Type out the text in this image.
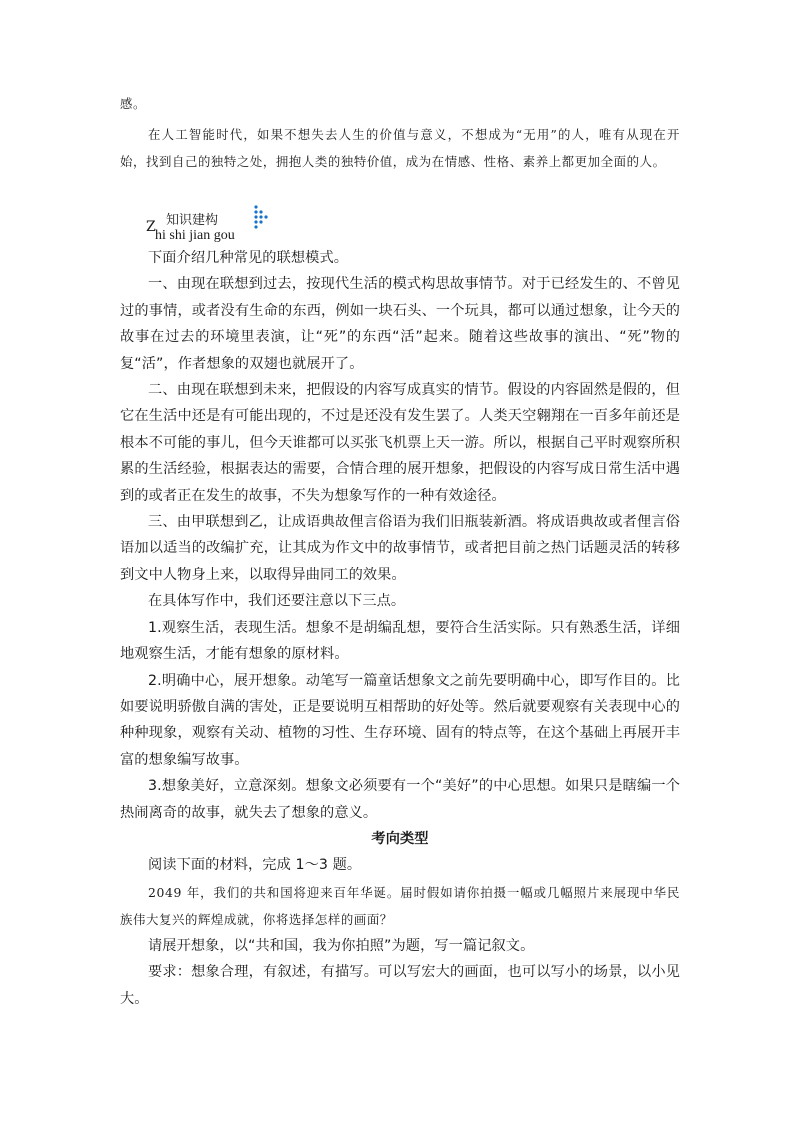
感。

在人工智能时代，如果不想失去人生的价值与意义，不想成为“无用”的人，唯有从现在开始，找到自己的独特之处，拥抱人类的独特价值，成为在情感、性格、素养上都更加全面的人。

Z 知识建构
hi shi jian gou

下面介绍几种常见的联想模式。

一、由现在联想到过去，按现代生活的模式构思故事情节。对于已经发生的、不曾见过的事情，或者没有生命的东西，例如一块石头、一个玩具，都可以通过想象，让今天的故事在过去的环境里表演，让“死”的东西“活”起来。随着这些故事的演出、“死”物的复“活”，作者想象的双翅也就展开了。

二、由现在联想到未来，把假设的内容写成真实的情节。假设的内容固然是假的，但它在生活中还是有可能出现的，不过是还没有发生罢了。人类天空翱翔在一百多年前还是根本不可能的事儿，但今天谁都可以买张飞机票上天一游。所以，根据自己平时观察所积累的生活经验，根据表达的需要，合情合理的展开想象，把假设的内容写成日常生活中遇到的或者正在发生的故事，不失为想象写作的一种有效途径。

三、由甲联想到乙，让成语典故俚言俗语为我们旧瓶装新酒。将成语典故或者俚言俗语加以适当的改编扩充，让其成为作文中的故事情节，或者把目前之热门话题灵活的转移到文中人物身上来，以取得异曲同工的效果。

在具体写作中，我们还要注意以下三点。

1.观察生活，表现生活。想象不是胡编乱想，要符合生活实际。只有熟悉生活，详细地观察生活，才能有想象的原材料。

2.明确中心，展开想象。动笔写一篇童话想象文之前先要明确中心，即写作目的。比如要说明骄傲自满的害处，正是要说明互相帮助的好处等。然后就要观察有关表现中心的种种现象，观察有关动、植物的习性、生存环境、固有的特点等，在这个基础上再展开丰富的想象编写故事。

3.想象美好，立意深刻。想象文必须要有一个“美好”的中心思想。如果只是瞎编一个热闹离奇的故事，就失去了想象的意义。

考向类型

阅读下面的材料，完成 1～3 题。

2049 年，我们的共和国将迎来百年华诞。届时假如请你拍摄一幅或几幅照片来展现中华民族伟大复兴的辉煌成就，你将选择怎样的画面？

请展开想象，以“共和国，我为你拍照”为题，写一篇记叙文。

要求：想象合理，有叙述，有描写。可以写宏大的画面，也可以写小的场景，以小见大。
